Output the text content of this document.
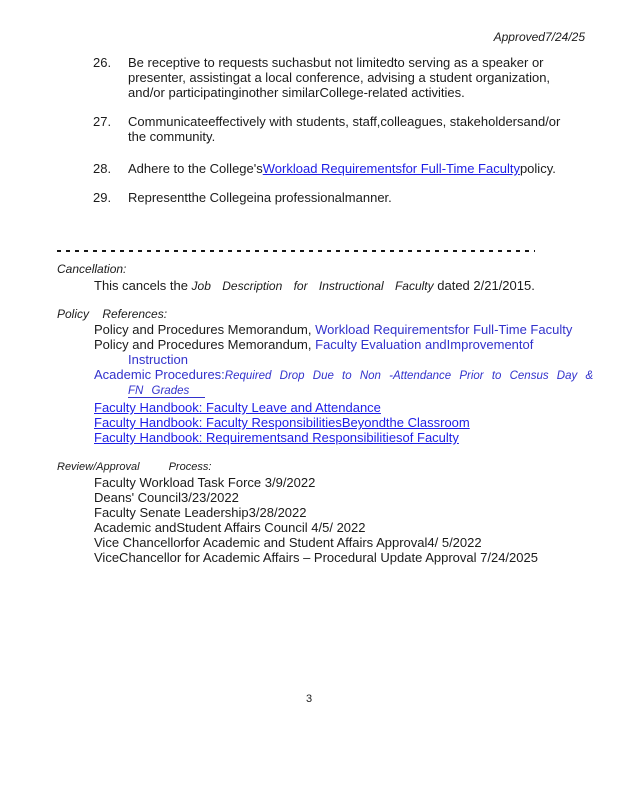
Approved7/24/25
26. Be receptive to requests suchasbut not limitedto serving as a speaker or
presenter, assistingat a local conference, advising a student organization,
and/or participatinginother similarCollege-related activities.
27. Communicateeffectively with students, staff,colleagues, stakeholdersand/or
the community.
28. Adhere to the College'sWorkload Requirementsfor Full-Time Facultypolicy.
29. Representthe Collegeina professionalmanner.
Cancellation:
This cancels the Job Description for Instructional Faculty dated 2/21/2015.
Policy References:
Policy and Procedures Memorandum, Workload Requirementsfor Full-Time Faculty
Policy and Procedures Memorandum, Faculty Evaluation andImprovementof
Instruction
Academic Procedures:Required Drop Due to Non -Attendance Prior to Census Day &
FN Grades
Faculty Handbook: Faculty Leave and Attendance
Faculty Handbook: Faculty ResponsibilitiesBeyondthe Classroom
Faculty Handbook: Requirementsand Responsibilitiesof Faculty
Review/Approval Process:
Faculty Workload Task Force 3/9/2022
Deans' Council3/23/2022
Faculty Senate Leadership3/28/2022
Academic andStudent Affairs Council 4/5/ 2022
Vice Chancellorfor Academic and Student Affairs Approval4/ 5/2022
ViceChancellor for Academic Affairs – Procedural Update Approval 7/24/2025
3
